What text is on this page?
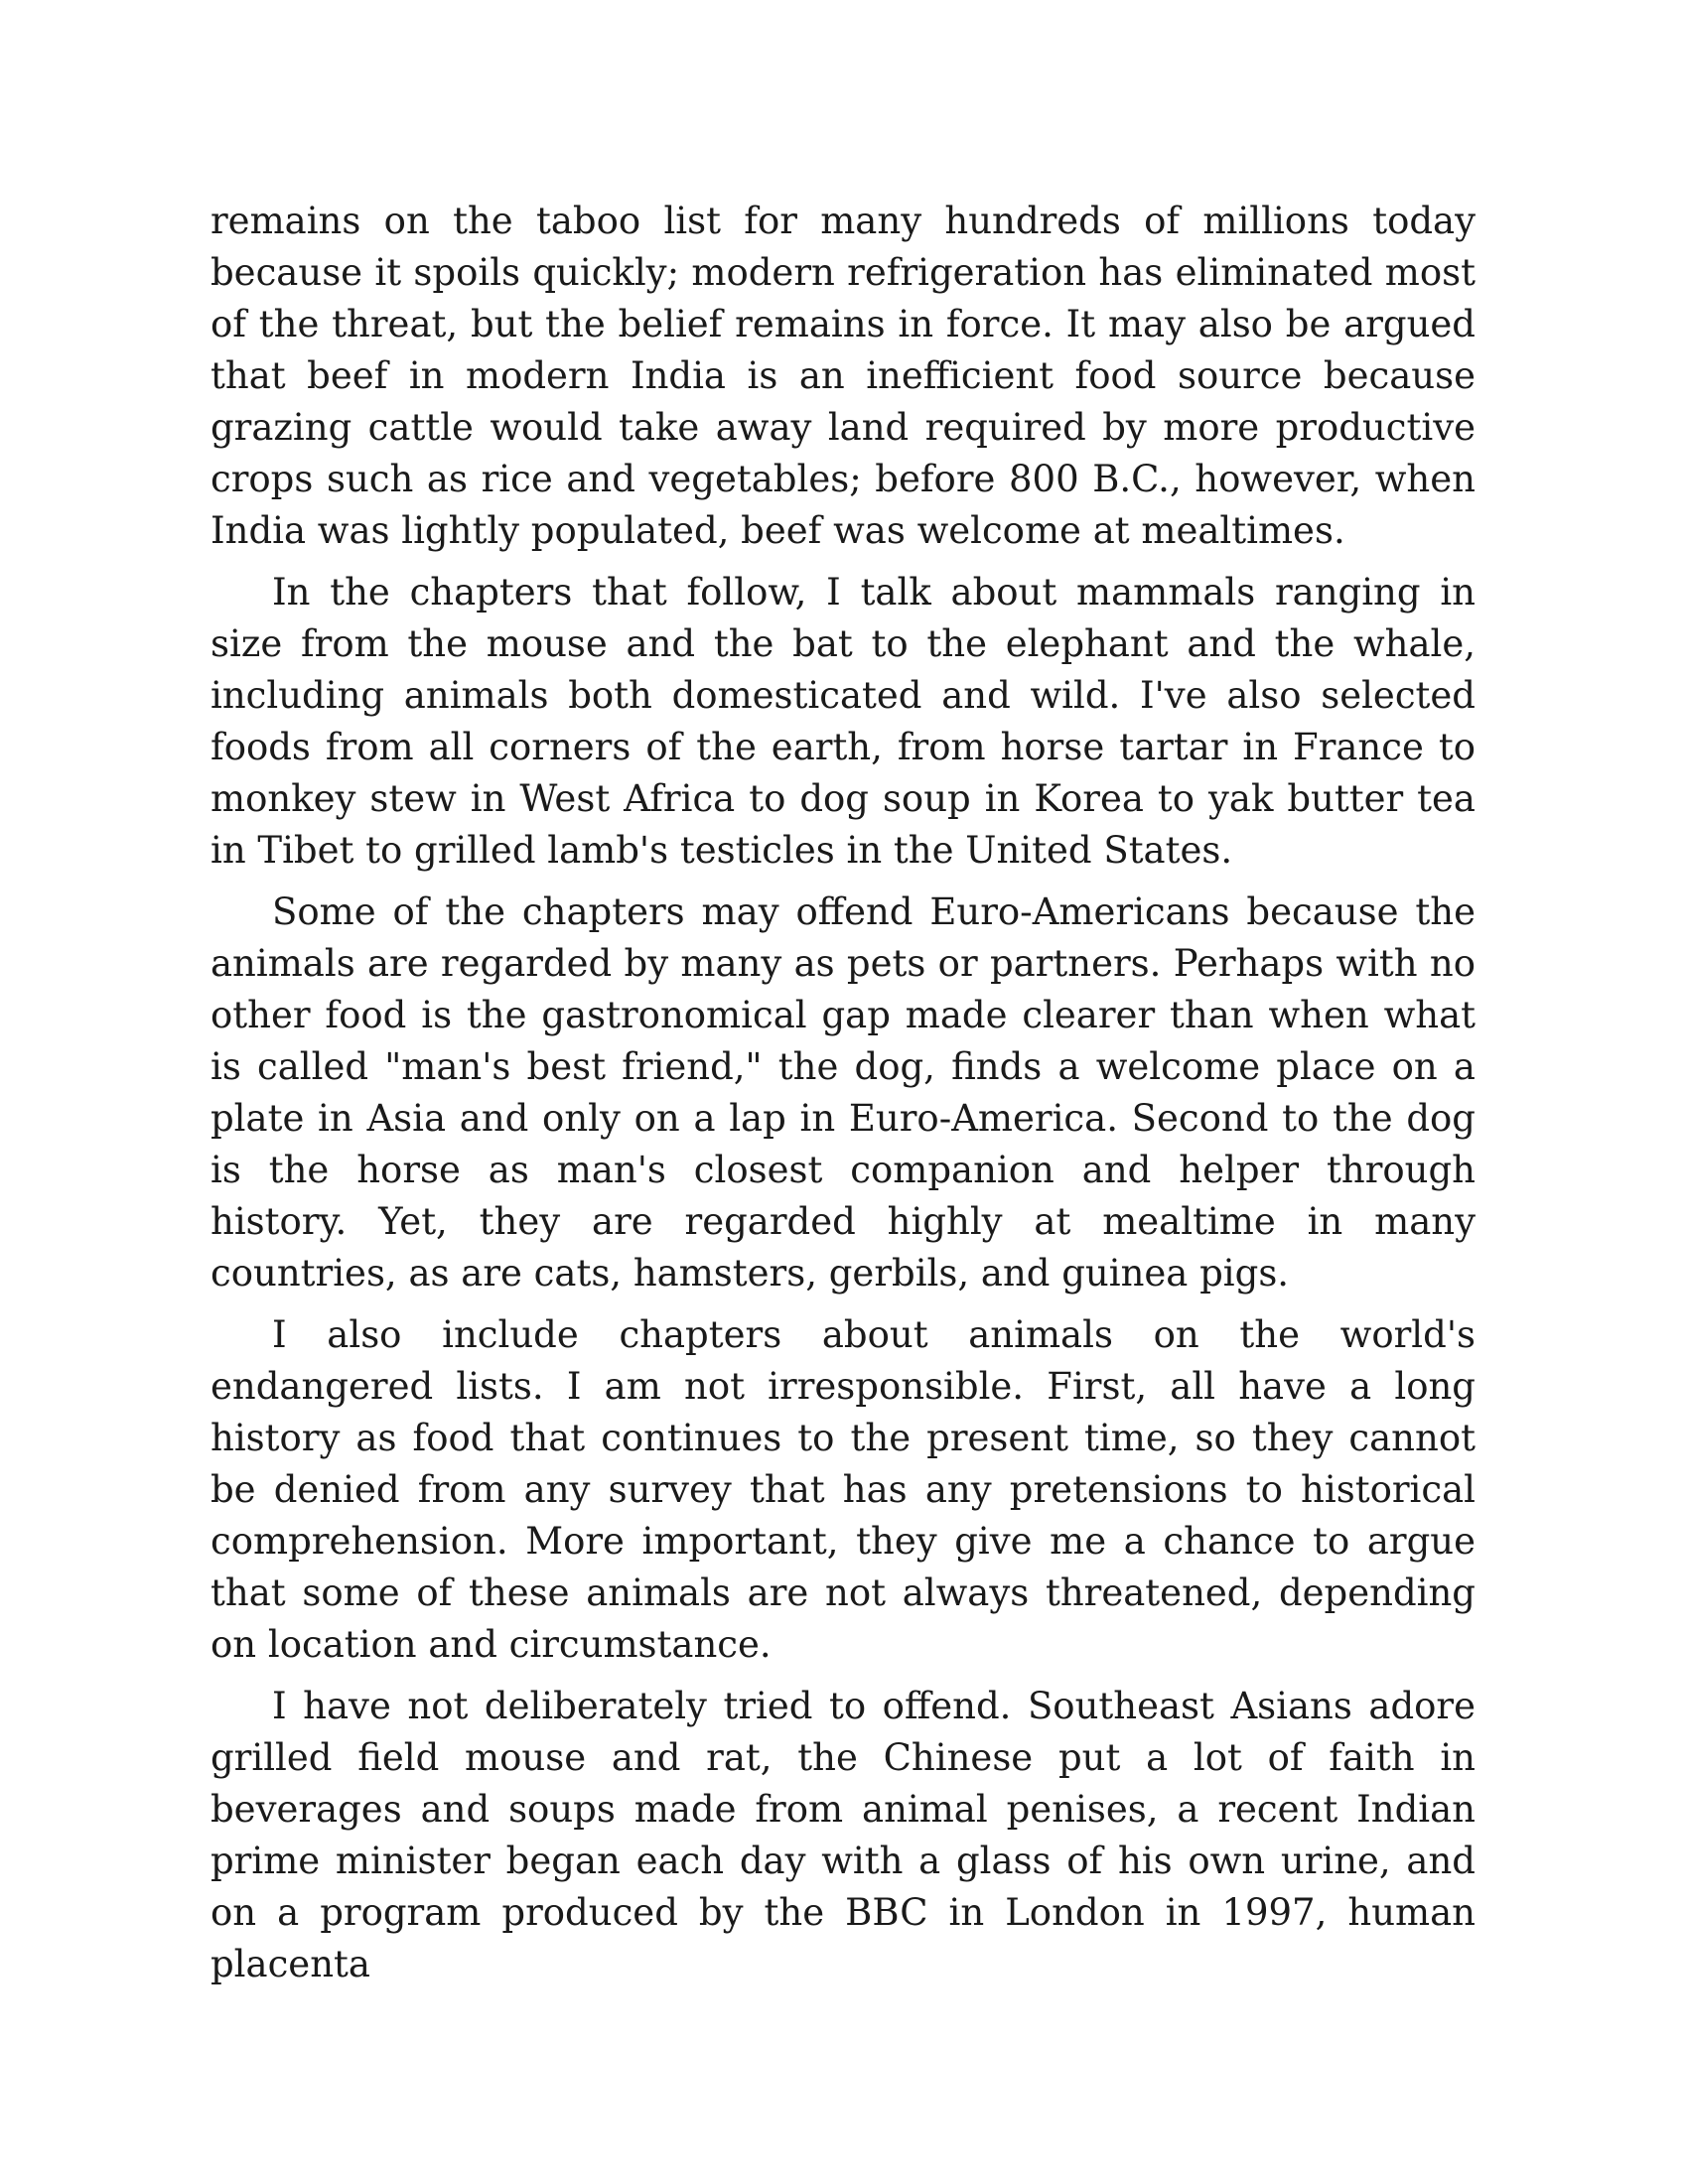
remains on the taboo list for many hundreds of millions today because it spoils quickly; modern refrigeration has eliminated most of the threat, but the belief remains in force. It may also be argued that beef in modern India is an inefficient food source because grazing cattle would take away land required by more productive crops such as rice and vegetables; before 800 B.C., however, when India was lightly populated, beef was welcome at mealtimes.

In the chapters that follow, I talk about mammals ranging in size from the mouse and the bat to the elephant and the whale, including animals both domesticated and wild. I've also selected foods from all corners of the earth, from horse tartar in France to monkey stew in West Africa to dog soup in Korea to yak butter tea in Tibet to grilled lamb's testicles in the United States.

Some of the chapters may offend Euro-Americans because the animals are regarded by many as pets or partners. Perhaps with no other food is the gastronomical gap made clearer than when what is called "man's best friend," the dog, finds a welcome place on a plate in Asia and only on a lap in Euro-America. Second to the dog is the horse as man's closest companion and helper through history. Yet, they are regarded highly at mealtime in many countries, as are cats, hamsters, gerbils, and guinea pigs.

I also include chapters about animals on the world's endangered lists. I am not irresponsible. First, all have a long history as food that continues to the present time, so they cannot be denied from any survey that has any pretensions to historical comprehension. More important, they give me a chance to argue that some of these animals are not always threatened, depending on location and circumstance.

I have not deliberately tried to offend. Southeast Asians adore grilled field mouse and rat, the Chinese put a lot of faith in beverages and soups made from animal penises, a recent Indian prime minister began each day with a glass of his own urine, and on a program produced by the BBC in London in 1997, human placenta
